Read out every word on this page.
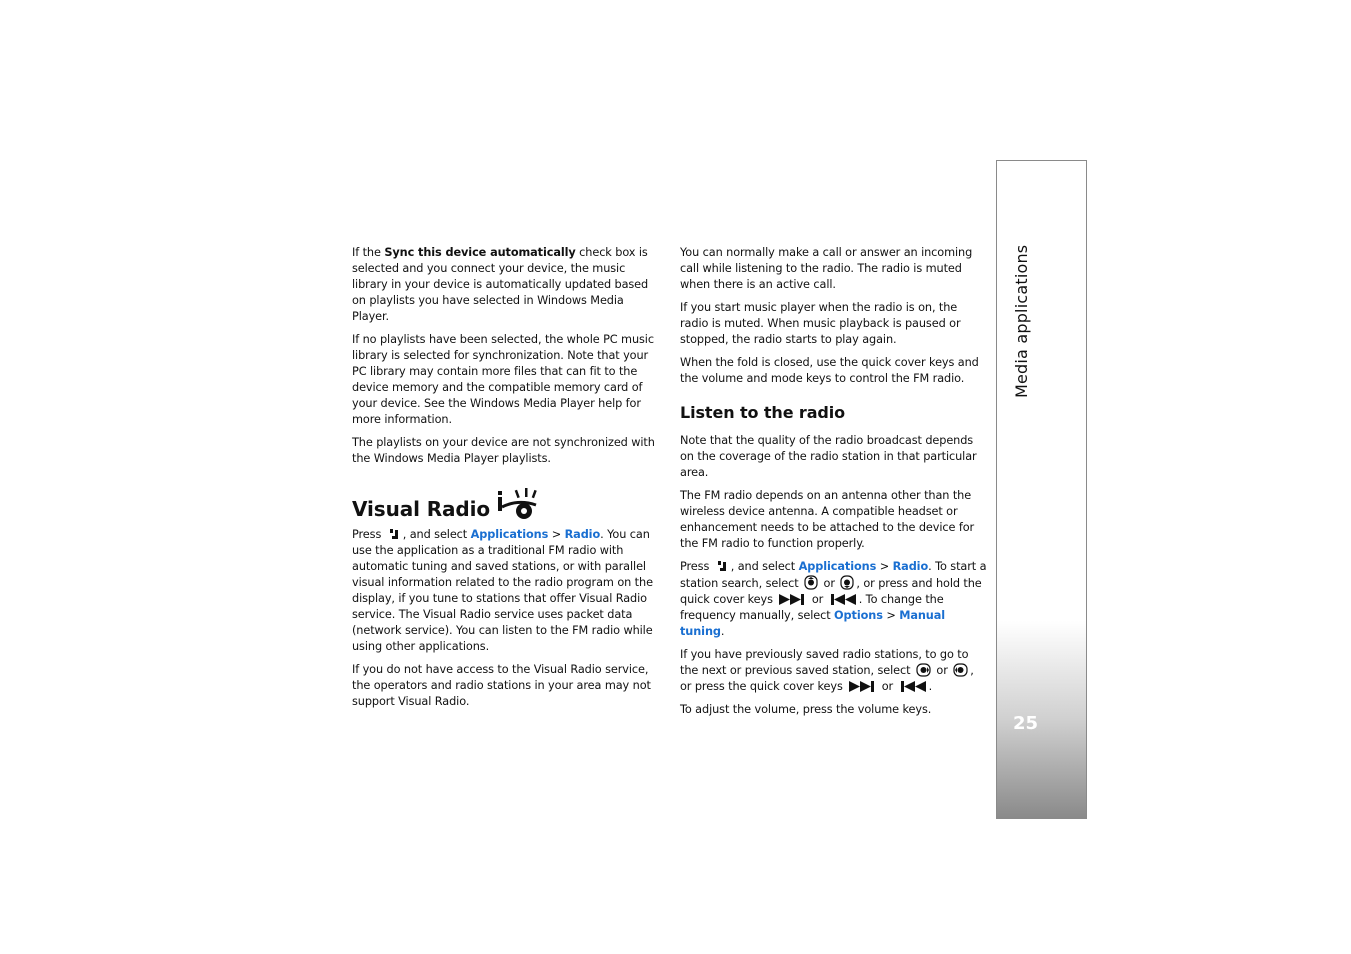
Media applications
25

If the Sync this device automatically check box is selected and you connect your device, the music library in your device is automatically updated based on playlists you have selected in Windows Media Player.

If no playlists have been selected, the whole PC music library is selected for synchronization. Note that your PC library may contain more files that can fit to the device memory and the compatible memory card of your device. See the Windows Media Player help for more information.

The playlists on your device are not synchronized with the Windows Media Player playlists.

Visual Radio

Press , and select Applications > Radio. You can use the application as a traditional FM radio with automatic tuning and saved stations, or with parallel visual information related to the radio program on the display, if you tune to stations that offer Visual Radio service. The Visual Radio service uses packet data (network service). You can listen to the FM radio while using other applications.

If you do not have access to the Visual Radio service, the operators and radio stations in your area may not support Visual Radio.

You can normally make a call or answer an incoming call while listening to the radio. The radio is muted when there is an active call.

If you start music player when the radio is on, the radio is muted. When music playback is paused or stopped, the radio starts to play again.

When the fold is closed, use the quick cover keys and the volume and mode keys to control the FM radio.

Listen to the radio

Note that the quality of the radio broadcast depends on the coverage of the radio station in that particular area.

The FM radio depends on an antenna other than the wireless device antenna. A compatible headset or enhancement needs to be attached to the device for the FM radio to function properly.

Press , and select Applications > Radio. To start a station search, select  or , or press and hold the quick cover keys	or	. To change the frequency manually, select Options > Manual tuning.

If you have previously saved radio stations, to go to the next or previous saved station, select  or , or press the quick cover keys	or	.

To adjust the volume, press the volume keys.
